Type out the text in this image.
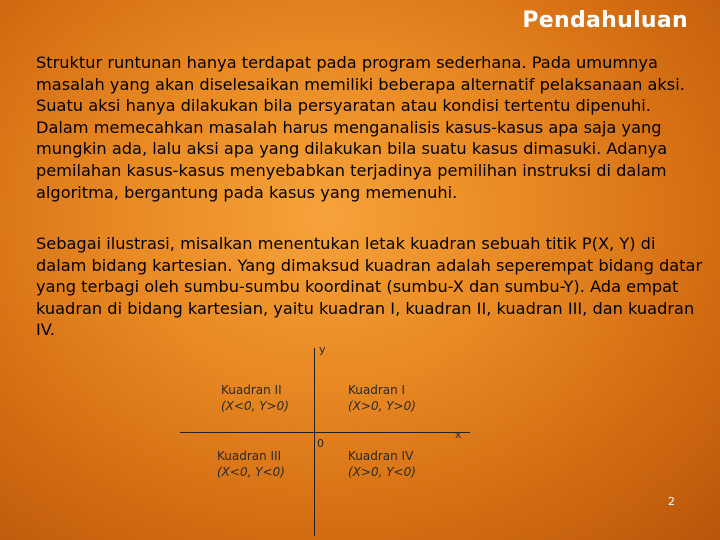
Pendahuluan

Struktur runtunan hanya terdapat pada program sederhana. Pada umumnya masalah yang akan diselesaikan memiliki beberapa alternatif pelaksanaan aksi. Suatu aksi hanya dilakukan bila persyaratan atau kondisi tertentu dipenuhi. Dalam memecahkan masalah harus menganalisis kasus-kasus apa saja yang mungkin ada, lalu aksi apa yang dilakukan bila suatu kasus dimasuki. Adanya pemilahan kasus-kasus menyebabkan terjadinya pemilihan instruksi di dalam algoritma, bergantung pada kasus yang memenuhi.

Sebagai ilustrasi, misalkan menentukan letak kuadran sebuah titik P(X, Y) di dalam bidang kartesian. Yang dimaksud kuadran adalah seperempat bidang datar yang terbagi oleh sumbu-sumbu koordinat (sumbu-X dan sumbu-Y). Ada empat kuadran di bidang kartesian, yaitu kuadran I, kuadran II, kuadran III, dan kuadran IV.

y
x
0
Kuadran II
(X<0, Y>0)
Kuadran I
(X>0, Y>0)
Kuadran III
(X<0, Y<0)
Kuadran IV
(X>0, Y<0)
2
